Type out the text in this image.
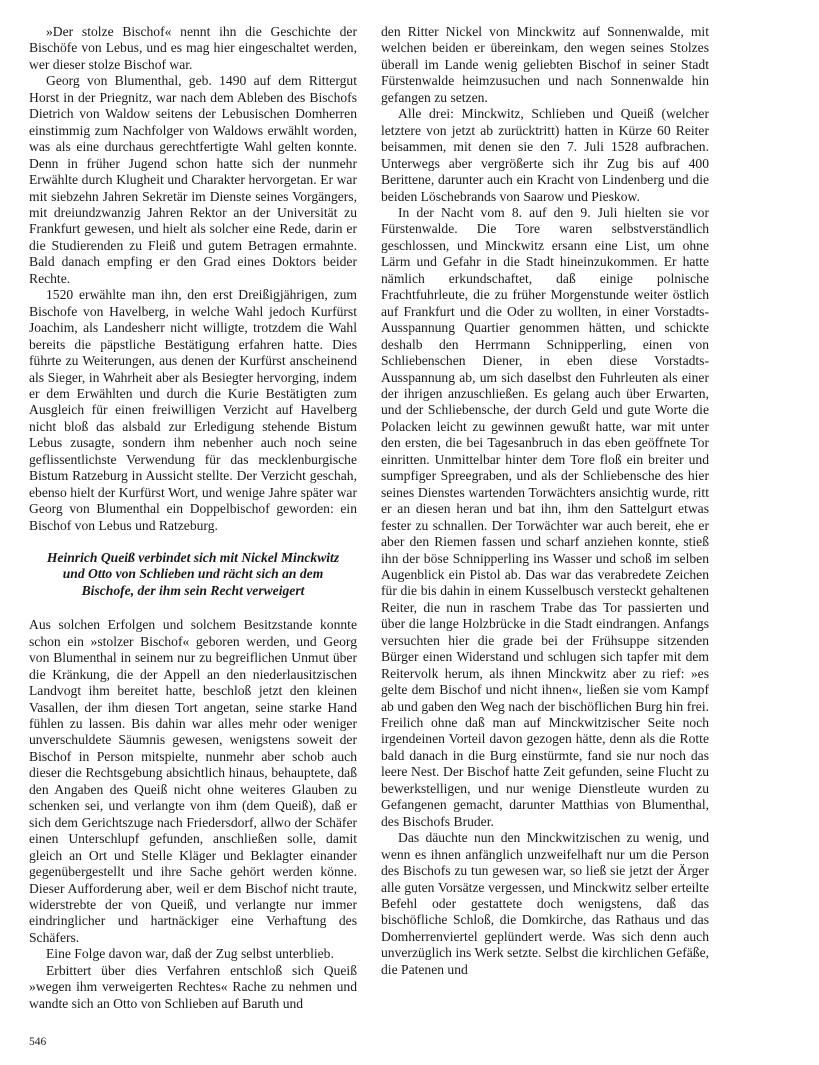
»Der stolze Bischof« nennt ihn die Geschichte der Bischöfe von Lebus, und es mag hier eingeschaltet werden, wer dieser stolze Bischof war.

Georg von Blumenthal, geb. 1490 auf dem Rittergut Horst in der Priegnitz, war nach dem Ableben des Bischofs Dietrich von Waldow seitens der Lebusischen Domherren einstimmig zum Nachfolger von Waldows erwählt worden, was als eine durchaus gerechtfertigte Wahl gelten konnte. Denn in früher Jugend schon hatte sich der nunmehr Erwählte durch Klugheit und Charakter hervorgetan. Er war mit siebzehn Jahren Sekretär im Dienste seines Vorgängers, mit dreiundzwanzig Jahren Rektor an der Universität zu Frankfurt gewesen, und hielt als solcher eine Rede, darin er die Studierenden zu Fleiß und gutem Betragen ermahnte. Bald danach empfing er den Grad eines Doktors beider Rechte.

1520 erwählte man ihn, den erst Dreißigjährigen, zum Bischofe von Havelberg, in welche Wahl jedoch Kurfürst Joachim, als Landesherr nicht willigte, trotzdem die Wahl bereits die päpstliche Bestätigung erfahren hatte. Dies führte zu Weiterungen, aus denen der Kurfürst anscheinend als Sieger, in Wahrheit aber als Besiegter hervorging, indem er dem Erwählten und durch die Kurie Bestätigten zum Ausgleich für einen freiwilligen Verzicht auf Havelberg nicht bloß das alsbald zur Erledigung stehende Bistum Lebus zusagte, sondern ihm nebenher auch noch seine geflissentlichste Verwendung für das mecklenburgische Bistum Ratzeburg in Aussicht stellte. Der Verzicht geschah, ebenso hielt der Kurfürst Wort, und wenige Jahre später war Georg von Blumenthal ein Doppelbischof geworden: ein Bischof von Lebus und Ratzeburg.

Heinrich Queiß verbindet sich mit Nickel Minckwitz und Otto von Schlieben und rächt sich an dem Bischofe, der ihm sein Recht verweigert

Aus solchen Erfolgen und solchem Besitzstande konnte schon ein »stolzer Bischof« geboren werden, und Georg von Blumenthal in seinem nur zu begreiflichen Unmut über die Kränkung, die der Appell an den niederlausitzischen Landvogt ihm bereitet hatte, beschloß jetzt den kleinen Vasallen, der ihm diesen Tort angetan, seine starke Hand fühlen zu lassen. Bis dahin war alles mehr oder weniger unverschuldete Säumnis gewesen, wenigstens soweit der Bischof in Person mitspielte, nunmehr aber schob auch dieser die Rechtsgebung absichtlich hinaus, behauptete, daß den Angaben des Queiß nicht ohne weiteres Glauben zu schenken sei, und verlangte von ihm (dem Queiß), daß er sich dem Gerichtszuge nach Friedersdorf, allwo der Schäfer einen Unterschlupf gefunden, anschließen solle, damit gleich an Ort und Stelle Kläger und Beklagter einander gegenübergestellt und ihre Sache gehört werden könne. Dieser Aufforderung aber, weil er dem Bischof nicht traute, widerstrebte der von Queiß, und verlangte nur immer eindringlicher und hartnäckiger eine Verhaftung des Schäfers.

Eine Folge davon war, daß der Zug selbst unterblieb.

Erbittert über dies Verfahren entschloß sich Queiß »wegen ihm verweigerten Rechtes« Rache zu nehmen und wandte sich an Otto von Schlieben auf Baruth und

den Ritter Nickel von Minckwitz auf Sonnenwalde, mit welchen beiden er übereinkam, den wegen seines Stolzes überall im Lande wenig geliebten Bischof in seiner Stadt Fürstenwalde heimzusuchen und nach Sonnenwalde hin gefangen zu setzen.

Alle drei: Minckwitz, Schlieben und Queiß (welcher letztere von jetzt ab zurücktritt) hatten in Kürze 60 Reiter beisammen, mit denen sie den 7. Juli 1528 aufbrachen. Unterwegs aber vergrößerte sich ihr Zug bis auf 400 Berittene, darunter auch ein Kracht von Lindenberg und die beiden Löschebrands von Saarow und Pieskow.

In der Nacht vom 8. auf den 9. Juli hielten sie vor Fürstenwalde. Die Tore waren selbstverständlich geschlossen, und Minckwitz ersann eine List, um ohne Lärm und Gefahr in die Stadt hineinzukommen. Er hatte nämlich erkundschaftet, daß einige polnische Frachtfuhrleute, die zu früher Morgenstunde weiter östlich auf Frankfurt und die Oder zu wollten, in einer Vorstadts-Ausspannung Quartier genommen hätten, und schickte deshalb den Herrmann Schnipperling, einen von Schliebenschen Diener, in eben diese Vorstadts-Ausspannung ab, um sich daselbst den Fuhrleuten als einer der ihrigen anzuschließen. Es gelang auch über Erwarten, und der Schliebensche, der durch Geld und gute Worte die Polacken leicht zu gewinnen gewußt hatte, war mit unter den ersten, die bei Tagesanbruch in das eben geöffnete Tor einritten. Unmittelbar hinter dem Tore floß ein breiter und sumpfiger Spreegraben, und als der Schliebensche des hier seines Dienstes wartenden Torwächters ansichtig wurde, ritt er an diesen heran und bat ihn, ihm den Sattelgurt etwas fester zu schnallen. Der Torwächter war auch bereit, ehe er aber den Riemen fassen und scharf anziehen konnte, stieß ihn der böse Schnipperling ins Wasser und schoß im selben Augenblick ein Pistol ab. Das war das verabredete Zeichen für die bis dahin in einem Kusselbusch versteckt gehaltenen Reiter, die nun in raschem Trabe das Tor passierten und über die lange Holzbrücke in die Stadt eindrangen. Anfangs versuchten hier die grade bei der Frühsuppe sitzenden Bürger einen Widerstand und schlugen sich tapfer mit dem Reitervolk herum, als ihnen Minckwitz aber zu rief: »es gelte dem Bischof und nicht ihnen«, ließen sie vom Kampf ab und gaben den Weg nach der bischöflichen Burg hin frei. Freilich ohne daß man auf Minckwitzischer Seite noch irgendeinen Vorteil davon gezogen hätte, denn als die Rotte bald danach in die Burg einstürmte, fand sie nur noch das leere Nest. Der Bischof hatte Zeit gefunden, seine Flucht zu bewerkstelligen, und nur wenige Dienstleute wurden zu Gefangenen gemacht, darunter Matthias von Blumenthal, des Bischofs Bruder.

Das däuchte nun den Minckwitzischen zu wenig, und wenn es ihnen anfänglich unzweifelhaft nur um die Person des Bischofs zu tun gewesen war, so ließ sie jetzt der Ärger alle guten Vorsätze vergessen, und Minckwitz selber erteilte Befehl oder gestattete doch wenigstens, daß das bischöfliche Schloß, die Domkirche, das Rathaus und das Domherrenviertel geplündert werde. Was sich denn auch unverzüglich ins Werk setzte. Selbst die kirchlichen Gefäße, die Patenen und

546
